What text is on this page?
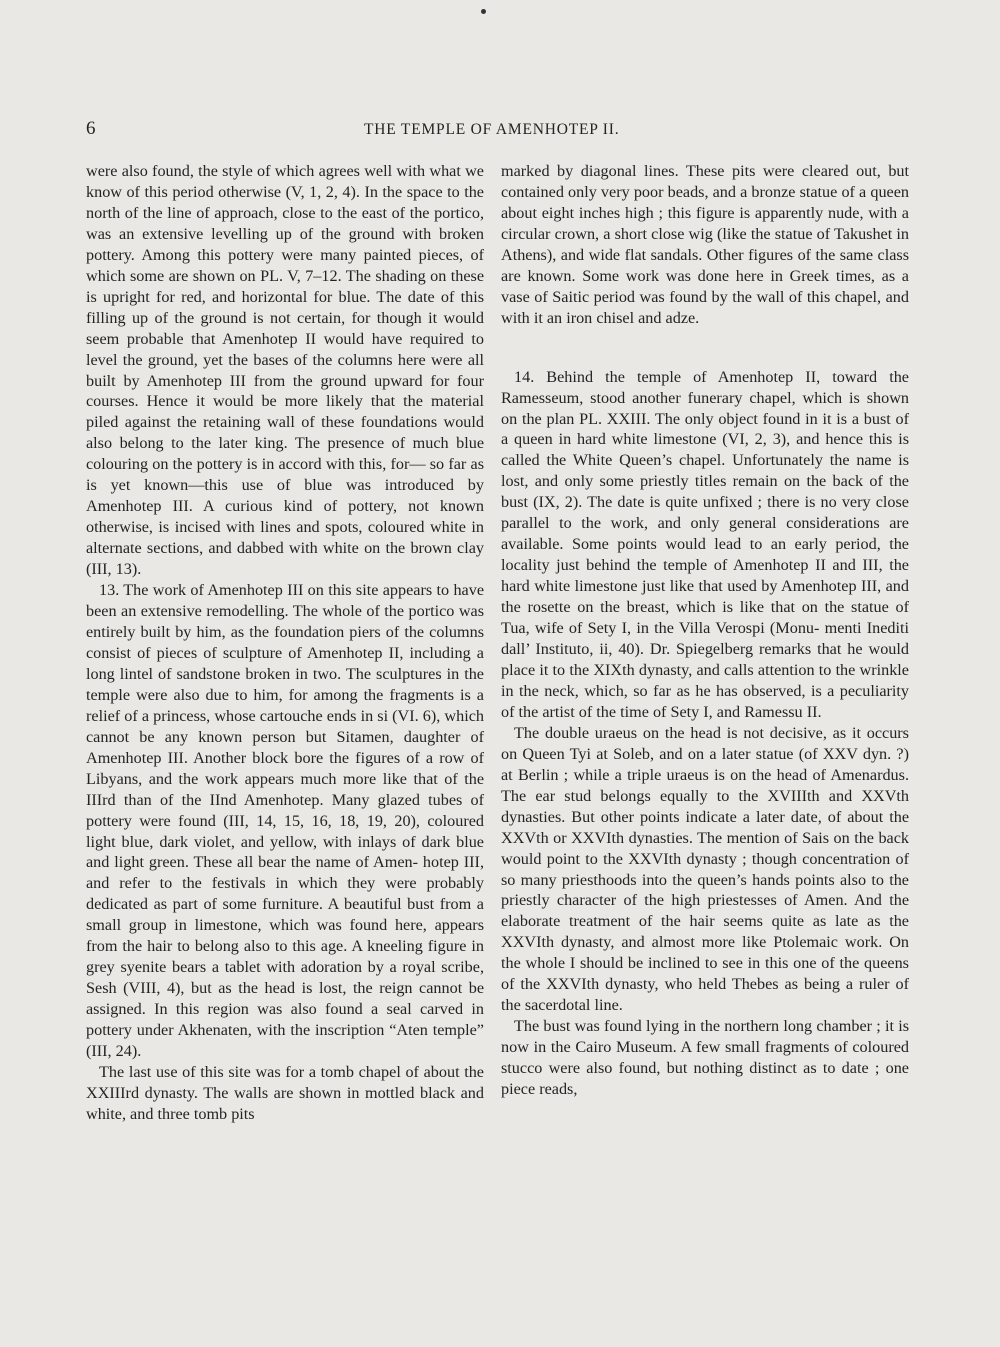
6	THE TEMPLE OF AMENHOTEP II.

were also found, the style of which agrees well with what we know of this period otherwise (V, 1, 2, 4). In the space to the north of the line of approach, close to the east of the portico, was an extensive levelling up of the ground with broken pottery. Among this pottery were many painted pieces, of which some are shown on PL. V, 7–12. The shading on these is upright for red, and horizontal for blue. The date of this filling up of the ground is not certain, for though it would seem probable that Amenhotep II would have required to level the ground, yet the bases of the columns here were all built by Amenhotep III from the ground upward for four courses. Hence it would be more likely that the material piled against the retaining wall of these foundations would also belong to the later king. The presence of much blue colouring on the pottery is in accord with this, for— so far as is yet known—this use of blue was introduced by Amenhotep III. A curious kind of pottery, not known otherwise, is incised with lines and spots, coloured white in alternate sections, and dabbed with white on the brown clay (III, 13).

13. The work of Amenhotep III on this site appears to have been an extensive remodelling. The whole of the portico was entirely built by him, as the foundation piers of the columns consist of pieces of sculpture of Amenhotep II, including a long lintel of sandstone broken in two. The sculptures in the temple were also due to him, for among the fragments is a relief of a princess, whose cartouche ends in si (VI. 6), which cannot be any known person but Sitamen, daughter of Amenhotep III. Another block bore the figures of a row of Libyans, and the work appears much more like that of the IIIrd than of the IInd Amenhotep. Many glazed tubes of pottery were found (III, 14, 15, 16, 18, 19, 20), coloured light blue, dark violet, and yellow, with inlays of dark blue and light green. These all bear the name of Amen- hotep III, and refer to the festivals in which they were probably dedicated as part of some furniture. A beautiful bust from a small group in limestone, which was found here, appears from the hair to belong also to this age. A kneeling figure in grey syenite bears a tablet with adoration by a royal scribe, Sesh (VIII, 4), but as the head is lost, the reign cannot be assigned. In this region was also found a seal carved in pottery under Akhenaten, with the inscription “Aten temple” (III, 24).

The last use of this site was for a tomb chapel of about the XXIIIrd dynasty. The walls are shown in mottled black and white, and three tomb pits

marked by diagonal lines. These pits were cleared out, but contained only very poor beads, and a bronze statue of a queen about eight inches high ; this figure is apparently nude, with a circular crown, a short close wig (like the statue of Takushet in Athens), and wide flat sandals. Other figures of the same class are known. Some work was done here in Greek times, as a vase of Saitic period was found by the wall of this chapel, and with it an iron chisel and adze.

14. Behind the temple of Amenhotep II, toward the Ramesseum, stood another funerary chapel, which is shown on the plan PL. XXIII. The only object found in it is a bust of a queen in hard white limestone (VI, 2, 3), and hence this is called the White Queen’s chapel. Unfortunately the name is lost, and only some priestly titles remain on the back of the bust (IX, 2). The date is quite unfixed ; there is no very close parallel to the work, and only general considerations are available. Some points would lead to an early period, the locality just behind the temple of Amenhotep II and III, the hard white limestone just like that used by Amenhotep III, and the rosette on the breast, which is like that on the statue of Tua, wife of Sety I, in the Villa Verospi (Monu- menti Inediti dall’ Instituto, ii, 40). Dr. Spiegelberg remarks that he would place it to the XIXth dynasty, and calls attention to the wrinkle in the neck, which, so far as he has observed, is a peculiarity of the artist of the time of Sety I, and Ramessu II.

The double uraeus on the head is not decisive, as it occurs on Queen Tyi at Soleb, and on a later statue (of XXV dyn. ?) at Berlin ; while a triple uraeus is on the head of Amenardus. The ear stud belongs equally to the XVIIIth and XXVth dynasties. But other points indicate a later date, of about the XXVth or XXVIth dynasties. The mention of Sais on the back would point to the XXVIth dynasty ; though concentration of so many priesthoods into the queen’s hands points also to the priestly character of the high priestesses of Amen. And the elaborate treatment of the hair seems quite as late as the XXVIth dynasty, and almost more like Ptolemaic work. On the whole I should be inclined to see in this one of the queens of the XXVIth dynasty, who held Thebes as being a ruler of the sacerdotal line.

The bust was found lying in the northern long chamber ; it is now in the Cairo Museum. A few small fragments of coloured stucco were also found, but nothing distinct as to date ; one piece reads,
